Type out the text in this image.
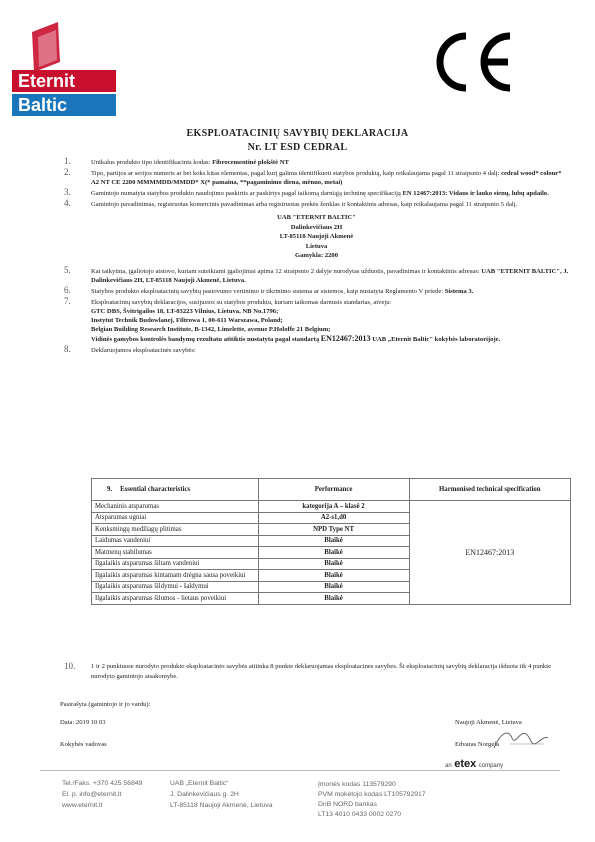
Eternit
Baltic
EKSPLOATACINIŲ SAVYBIŲ DEKLARACIJA
Nr. LT ESD CEDRAL
1.	Unikalus produkto tipo identifikacinis kodas: Fibrocementinė plokštė NT
2.	Tipo, partijos ar serijos numeris ar bet koks kitas elementas, pagal kurį galima identifikuoti statybos produktą, kaip reikalaujama pagal 11 straipsnio 4 dalį: cedral wood* colour* A2 NT CE 2200 MMMMDD/MMDD* X(* pamaina, **pagaminimo diena, mėnuo, metai)
3.	Gamintojo numatyta statybos produkto naudojimo paskirtis ar paskirtys pagal taikomą darniąją techninę specifikaciją EN 12467:2013: Vidaus ir lauko sienų, lubų apdailo.
4.	Gamintojo pavadinimas, registruotas komercinis pavadinimas arba registruotas prekės ženklas ir kontaktinis adresas, kaip reikalaujama pagal 11 straipsnio 5 dalį.
UAB "ETERNIT BALTIC"
Dalinkevičiaus 2H
LT-85118 Naujoji Akmenė
Lietuva
Gamykla: 2200
5.	Kai taikytina, įgaliotojo atstovo, kuriam suteikiami įgaliojimai apima 12 straipsnio 2 dalyje nurodytas užduotis, pavadinimas ir kontaktinis adresas: UAB "ETERNIT BALTIC", J. Dalinkevičiaus 2H, LT-85118 Naujoji Akmenė, Lietuva.
6.	Statybos produkto eksploatacinių savybių pastovumo vertinimo ir tikrinimo sistema ar sistemos, kaip nustatyta Reglamento V priede: Sistema 3.
7.	Eksploatacinių savybių deklaracijos, susijusios su statybos produktu, kuriam taikomas darnusis standartas, atveju:
GTC DBS, Švitrigailos 18, LT-03223 Vilnius, Lietuva, NB No.1796;
Instytut Technik Budowlanej, Filtrowa 1, 00-611 Warszawa, Poland;
Belgian Building Research Institute, B-1342, Limelette, avenue P.Holoffe 21 Belgium;
Vidinės gamybos kontrolės bandymų rezultatu atitiktis nustatyta pagal standartą EN12467:2013 UAB „Eternit Baltic" kokybės laboratorijoje.
8.	Deklaruojamos eksploatacinės savybės:
9. Essential characteristics	Performance	Harmonised technical specification
Mechaninis atsparumas	kategorija A – klasė 2	EN12467:2013
Atsparumas ugniai	A2-s1,d0	
Kenksmingų medžiagų plitimas	NPD Type NT	
Laidumas vandeniui	Blaikė	
Matmenų stabilumas	Blaikė	
Ilgalaikis atsparumas šiltam vandeniui	Blaikė	
Ilgalaikis atsparumas kintamam drėgna sausa poveikiui	Blaikė	
Ilgalaikis atsparumas šildymui - šaldymui	Blaikė	
Ilgalaikis atsparumas šilumos - lietaus poveikiui	Blaikė	
10.	1 ir 2 punktuose nurodyto produkto eksploatacinės savybės atitinka 8 punkte deklaruojamas eksploatacines savybes. Ši eksploatacinių savybių deklaracija išduota tik 4 punkte nurodyto gamintojo atsakomybe.
Pasirašyta (gamintojo ir jo vardu):
Data: 2019 10 03	Naujoji Akmenė, Lietuva
Kokybės vadovas	Edvaras Norgela
an etex company
Tel./Faks. +370 425 56849
El. p. info@eternit.lt
www.eternit.lt
UAB „Eternit Baltic“
J. Dalinkevičiaus g. 2H
LT-85118 Naujoji Akmenė, Lietuva
Įmonės kodas 113579290
PVM mokėtojo kodas LT105792917
DnB NORD bankas
LT13 4010 0433 0002 0270
